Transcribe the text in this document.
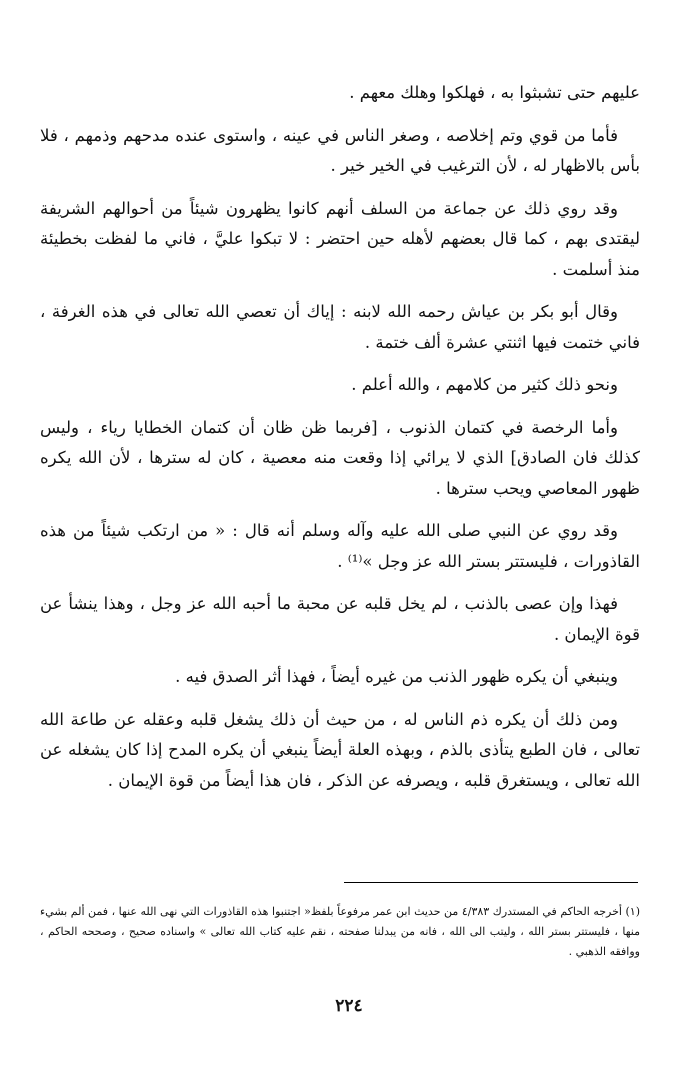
عليهم حتى تشبثوا به ، فهلكوا وهلك معهم .

فأما من قوي وتم إخلاصه ، وصغر الناس في عينه ، واستوى عنده مدحهم وذمهم ، فلا بأس بالاظهار له ، لأن الترغيب في الخير خير .

وقد روي ذلك عن جماعة من السلف أنهم كانوا يظهرون شيئاً من أحوالهم الشريفة ليقتدى بهم ، كما قال بعضهم لأهله حين احتضر : لا تبكوا عليَّ ، فاني ما لفظت بخطيئة منذ أسلمت .

وقال أبو بكر بن عياش رحمه الله لابنه : إياك أن تعصي الله تعالى في هذه الغرفة ، فاني ختمت فيها اثنتي عشرة ألف ختمة .

ونحو ذلك كثير من كلامهم ، والله أعلم .

وأما الرخصة في كتمان الذنوب ، [فربما ظن ظان أن كتمان الخطايا رياء ، وليس كذلك فان الصادق] الذي لا يرائي إذا وقعت منه معصية ، كان له سترها ، لأن الله يكره ظهور المعاصي ويحب سترها .

وقد روي عن النبي صلى الله عليه وآله وسلم أنه قال : « من ارتكب شيئاً من هذه القاذورات ، فليستتر بستر الله عز وجل »⁽¹⁾ .

فهذا وإن عصى بالذنب ، لم يخل قلبه عن محبة ما أحبه الله عز وجل ، وهذا ينشأ عن قوة الإيمان .

وينبغي أن يكره ظهور الذنب من غيره أيضاً ، فهذا أثر الصدق فيه .

ومن ذلك أن يكره ذم الناس له ، من حيث أن ذلك يشغل قلبه وعقله عن طاعة الله تعالى ، فان الطبع يتأذى بالذم ، وبهذه العلة أيضاً ينبغي أن يكره المدح إذا كان يشغله عن الله تعالى ، ويستغرق قلبه ، ويصرفه عن الذكر ، فان هذا أيضاً من قوة الإيمان .

(١) أخرجه الحاكم في المستدرك ٤/٣٨٣ من حديث ابن عمر مرفوعاً بلفظ« اجتنبوا هذه القاذورات التي نهى الله عنها ، فمن ألم بشيء منها ، فليستتر بستر الله ، وليتب الى الله ، فانه من يبدلنا صفحته ، نقم عليه كتاب الله تعالى » واسناده صحيح ، وصححه الحاكم ، ووافقه الذهبي .

٢٢٤
